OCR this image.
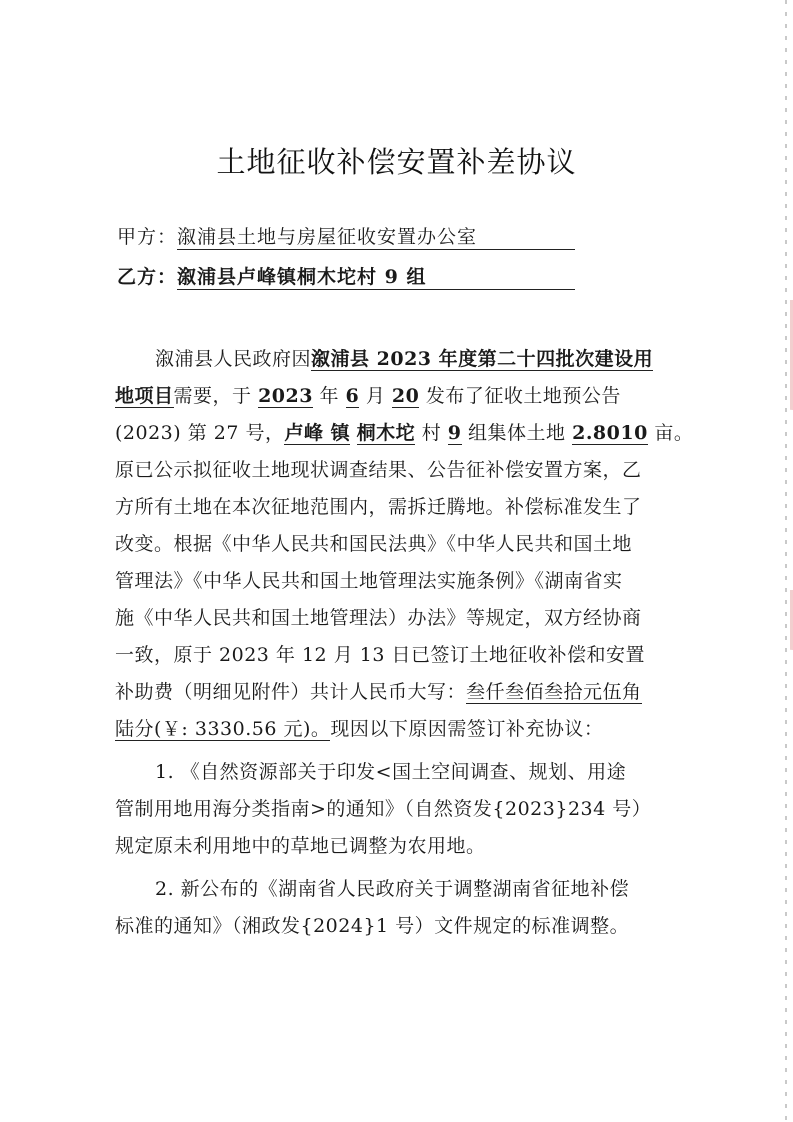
土地征收补偿安置补差协议
甲方：溆浦县土地与房屋征收安置办公室
乙方：溆浦县卢峰镇桐木坨村 9 组
溆浦县人民政府因溆浦县 2023 年度第二十四批次建设用
地项目需要，于 2023 年 6 月 20 发布了征收土地预公告
(2023) 第 27 号，卢峰 镇 桐木坨 村 9 组集体土地 2.8010 亩。
原已公示拟征收土地现状调查结果、公告征补偿安置方案，乙
方所有土地在本次征地范围内，需拆迁腾地。补偿标准发生了
改变。根据《中华人民共和国民法典》《中华人民共和国土地
管理法》《中华人民共和国土地管理法实施条例》《湖南省实
施《中华人民共和国土地管理法）办法》等规定，双方经协商
一致，原于 2023 年 12 月 13 日已签订土地征收补偿和安置
补助费（明细见附件）共计人民币大写：叁仟叁佰叁拾元伍角
陆分(￥: 3330.56 元)。现因以下原因需签订补充协议：
1. 《自然资源部关于印发<国土空间调查、规划、用途
管制用地用海分类指南>的通知》（自然资发{2023}234 号）
规定原未利用地中的草地已调整为农用地。
2. 新公布的《湖南省人民政府关于调整湖南省征地补偿
标准的通知》（湘政发{2024}1 号）文件规定的标准调整。
